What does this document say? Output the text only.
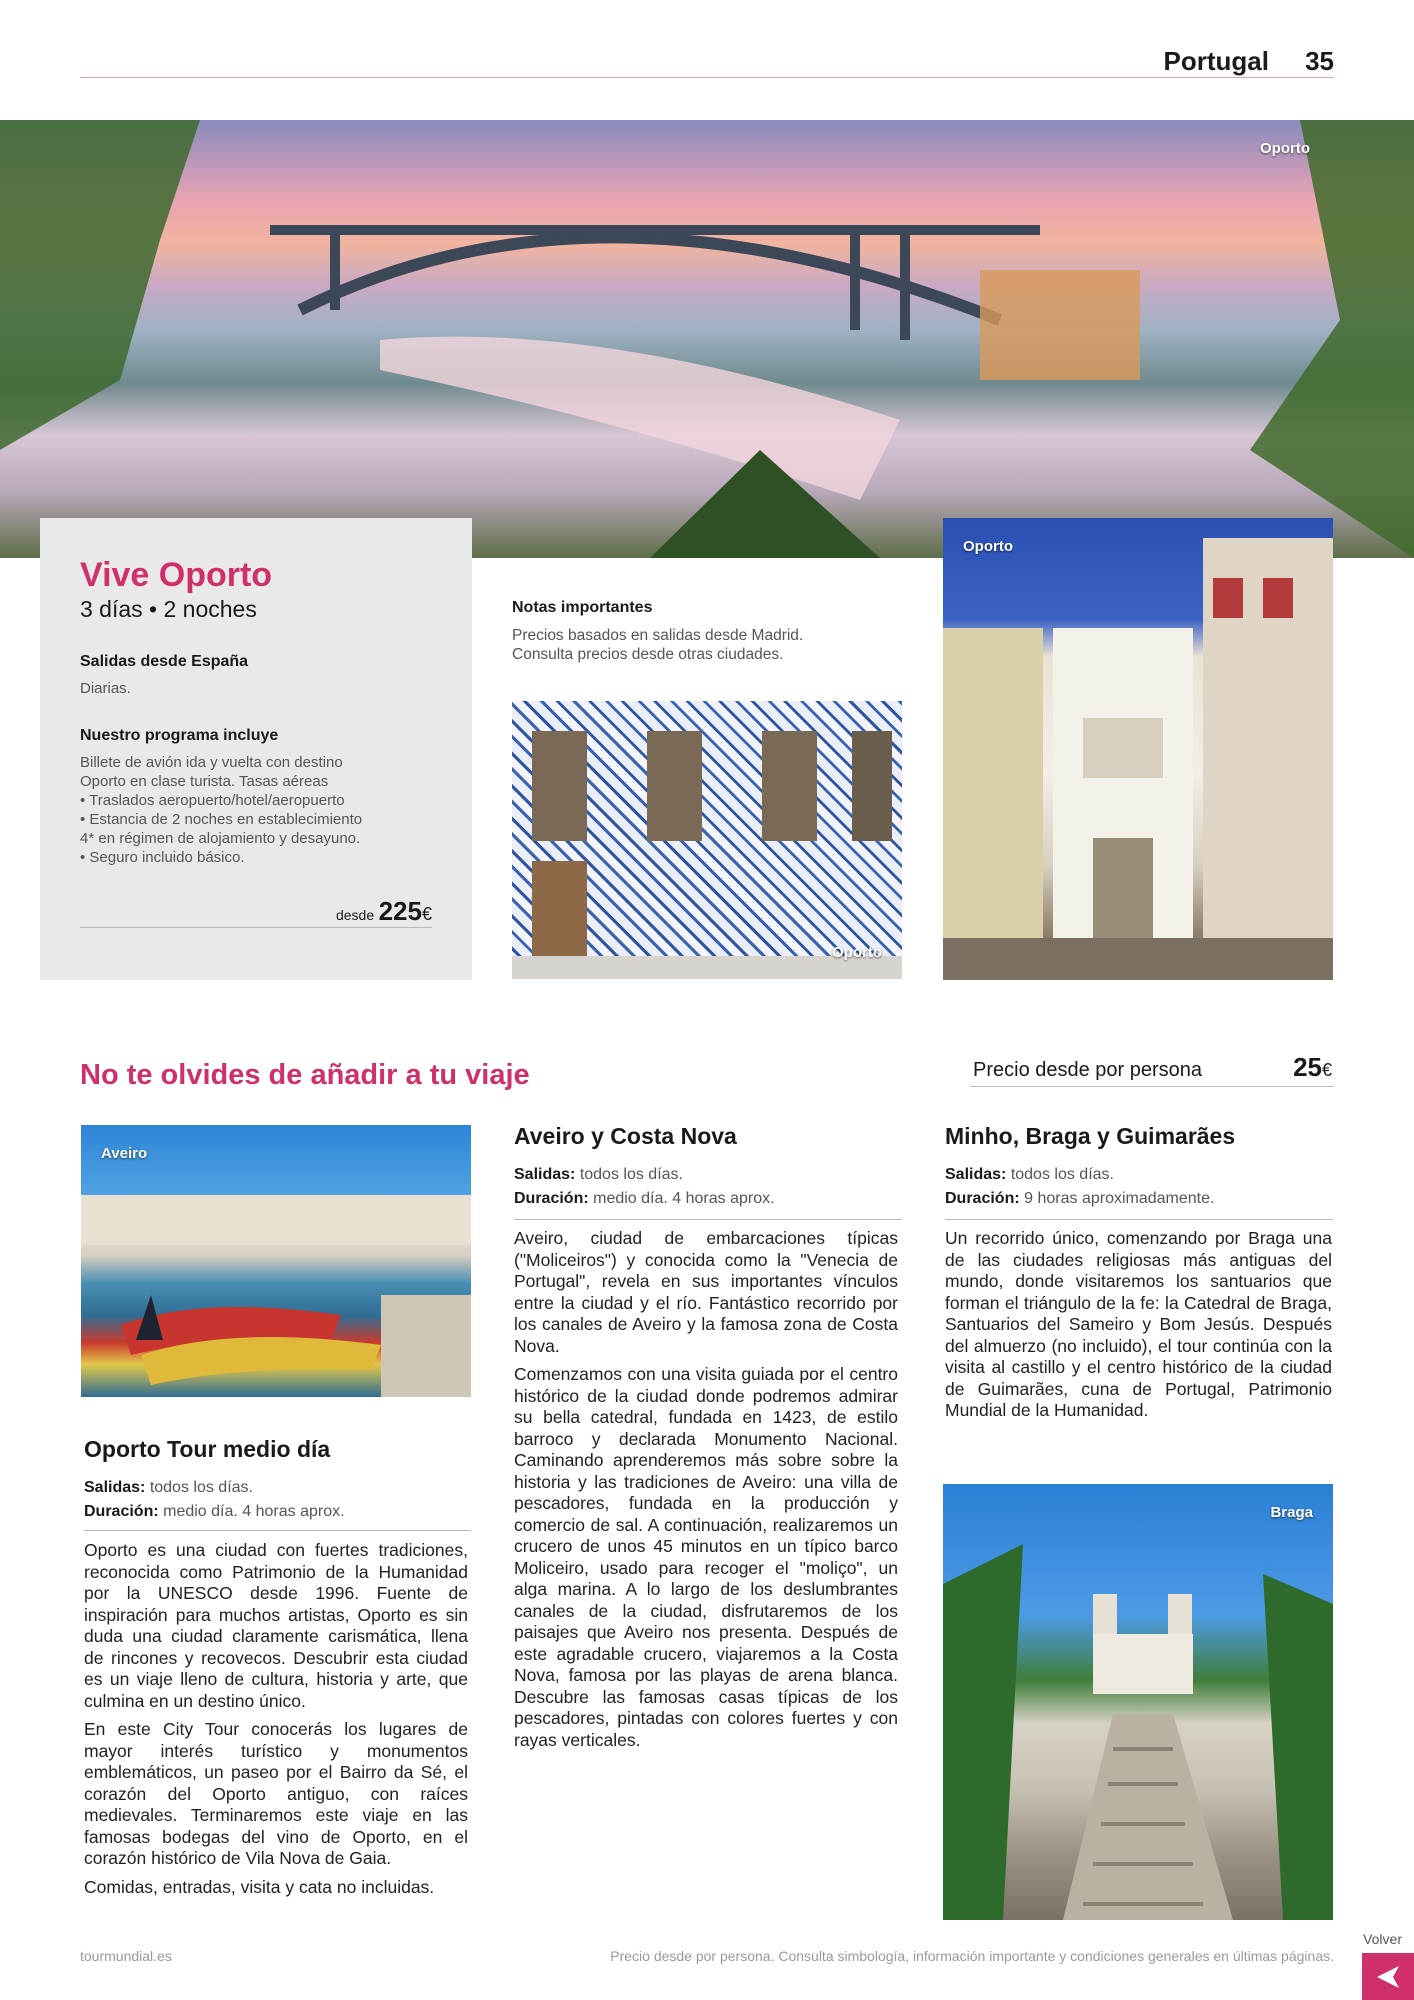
Portugal 35
Oporto
Vive Oporto
3 días • 2 noches
Salidas desde España
Diarias.
Nuestro programa incluye
Billete de avión ida y vuelta con destino
Oporto en clase turista. Tasas aéreas
• Traslados aeropuerto/hotel/aeropuerto
• Estancia de 2 noches en establecimiento
4* en régimen de alojamiento y desayuno.
• Seguro incluido básico.
desde 225€
Notas importantes
Precios basados en salidas desde Madrid.
Consulta precios desde otras ciudades.
Oporto
Oporto
No te olvides de añadir a tu viaje	Precio desde por persona	25€
Aveiro
Oporto Tour medio día
Salidas: todos los días.
Duración: medio día. 4 horas aprox.

Oporto es una ciudad con fuertes tradiciones, reconocida como Patrimonio de la Humanidad por la UNESCO desde 1996. Fuente de inspiración para muchos artistas, Oporto es sin duda una ciudad claramente carismática, llena de rincones y recovecos. Descubrir esta ciudad es un viaje lleno de cultura, historia y arte, que culmina en un destino único.

En este City Tour conocerás los lugares de mayor interés turístico y monumentos emblemáticos, un paseo por el Bairro da Sé, el corazón del Oporto antiguo, con raíces medievales. Terminaremos este viaje en las famosas bodegas del vino de Oporto, en el corazón histórico de Vila Nova de Gaia.

Comidas, entradas, visita y cata no incluidas.

Aveiro y Costa Nova
Salidas: todos los días.
Duración: medio día. 4 horas aprox.

Aveiro, ciudad de embarcaciones típicas ("Moliceiros") y conocida como la "Venecia de Portugal", revela en sus importantes vínculos entre la ciudad y el río. Fantástico recorrido por los canales de Aveiro y la famosa zona de Costa Nova.

Comenzamos con una visita guiada por el centro histórico de la ciudad donde podremos admirar su bella catedral, fundada en 1423, de estilo barroco y declarada Monumento Nacional. Caminando aprenderemos más sobre sobre la historia y las tradiciones de Aveiro: una villa de pescadores, fundada en la producción y comercio de sal. A continuación, realizaremos un crucero de unos 45 minutos en un típico barco Moliceiro, usado para recoger el "moliço", un alga marina. A lo largo de los deslumbrantes canales de la ciudad, disfrutaremos de los paisajes que Aveiro nos presenta. Después de este agradable crucero, viajaremos a la Costa Nova, famosa por las playas de arena blanca. Descubre las famosas casas típicas de los pescadores, pintadas con colores fuertes y con rayas verticales.

Minho, Braga y Guimarães
Salidas: todos los días.
Duración: 9 horas aproximadamente.

Un recorrido único, comenzando por Braga una de las ciudades religiosas más antiguas del mundo, donde visitaremos los santuarios que forman el triángulo de la fe: la Catedral de Braga, Santuarios del Sameiro y Bom Jesús. Después del almuerzo (no incluido), el tour continúa con la visita al castillo y el centro histórico de la ciudad de Guimarães, cuna de Portugal, Patrimonio Mundial de la Humanidad.

Braga
tourmundial.es	Precio desde por persona. Consulta simbología, información importante y condiciones generales en últimas páginas.
Volver
